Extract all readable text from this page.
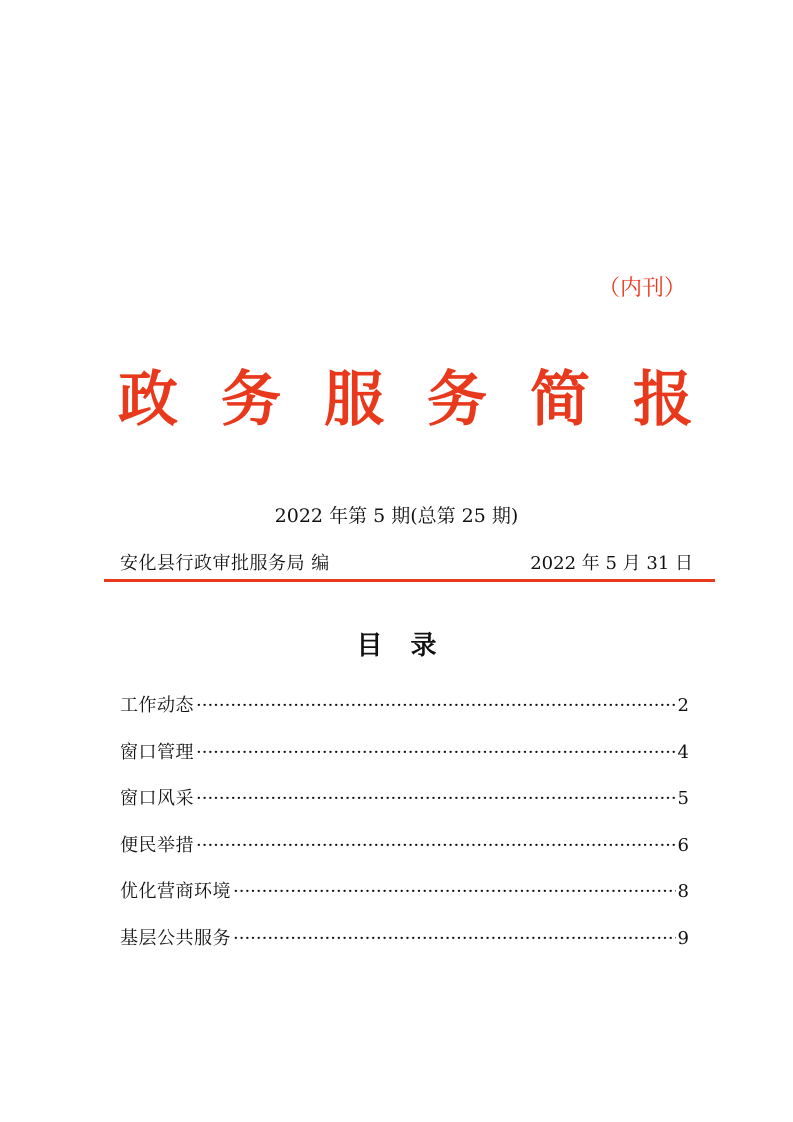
（内刊）
政 务 服 务 简 报
2022 年第 5 期(总第 25 期)
安化县行政审批服务局 编	2022 年 5 月 31 日
目录
工作动态 ·····	2
窗口管理 ·····	4
窗口风采 ·····	5
便民举措 ·····	6
优化营商环境 ·····	8
基层公共服务 ·····	9
